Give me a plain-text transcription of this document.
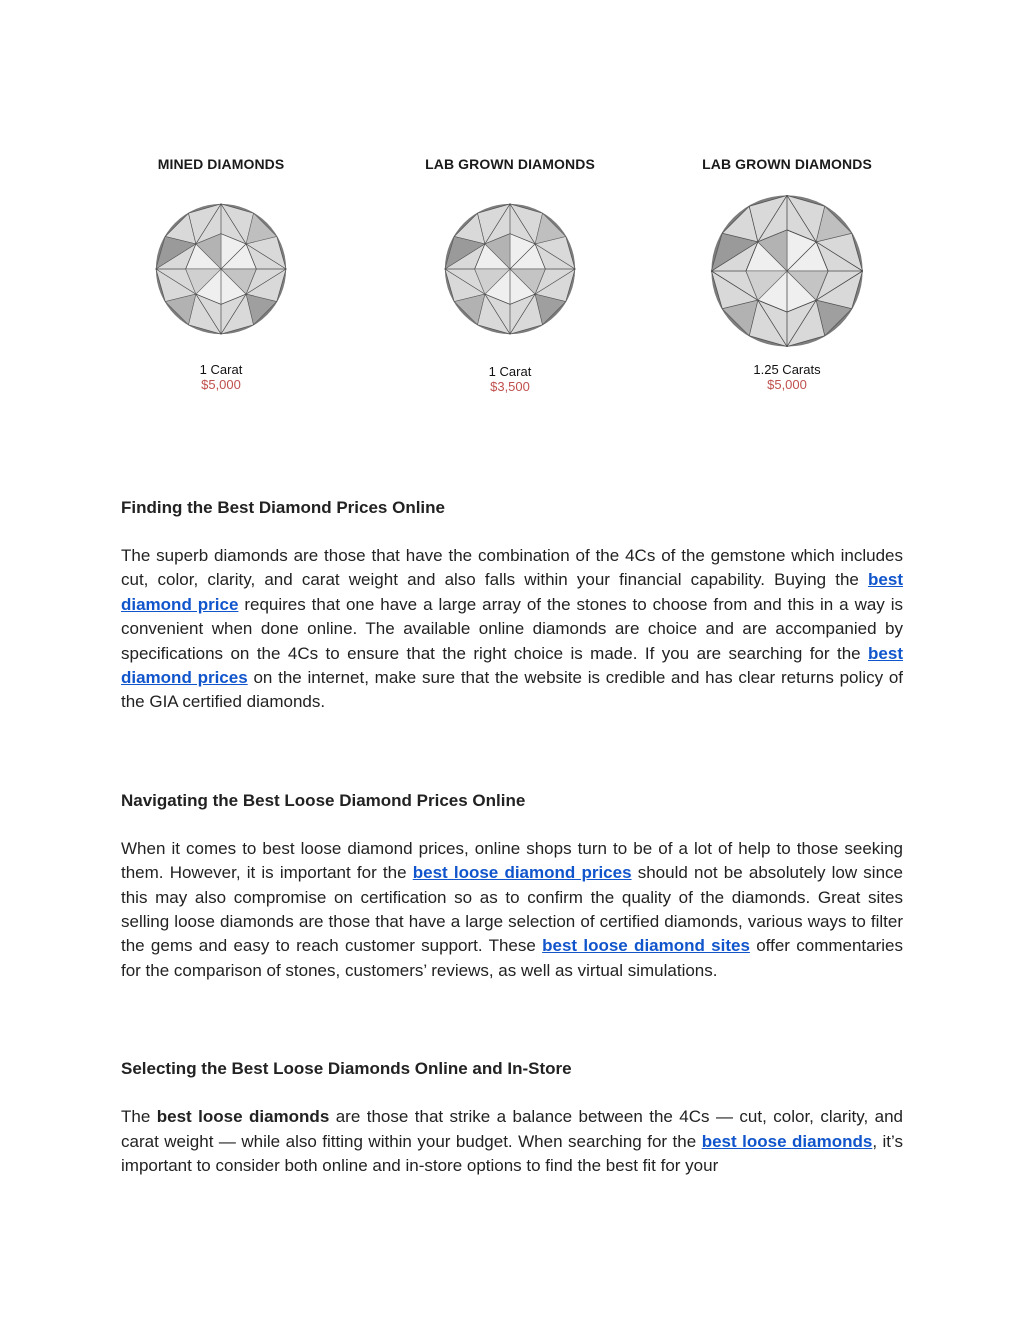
MINED DIAMONDS
1 Carat
$5,000
LAB GROWN DIAMONDS
1 Carat
$3,500
LAB GROWN DIAMONDS
1.25 Carats
$5,000
Finding the Best Diamond Prices Online

The superb diamonds are those that have the combination of the 4Cs of the gemstone which includes cut, color, clarity, and carat weight and also falls within your financial capability. Buying the best diamond price requires that one have a large array of the stones to choose from and this in a way is convenient when done online. The available online diamonds are choice and are accompanied by specifications on the 4Cs to ensure that the right choice is made. If you are searching for the best diamond prices on the internet, make sure that the website is credible and has clear returns policy of the GIA certified diamonds.

Navigating the Best Loose Diamond Prices Online

When it comes to best loose diamond prices, online shops turn to be of a lot of help to those seeking them. However, it is important for the best loose diamond prices should not be absolutely low since this may also compromise on certification so as to confirm the quality of the diamonds. Great sites selling loose diamonds are those that have a large selection of certified diamonds, various ways to filter the gems and easy to reach customer support. These best loose diamond sites offer commentaries for the comparison of stones, customers’ reviews, as well as virtual simulations.

Selecting the Best Loose Diamonds Online and In-Store

The best loose diamonds are those that strike a balance between the 4Cs — cut, color, clarity, and carat weight — while also fitting within your budget. When searching for the best loose diamonds, it’s important to consider both online and in-store options to find the best fit for your
